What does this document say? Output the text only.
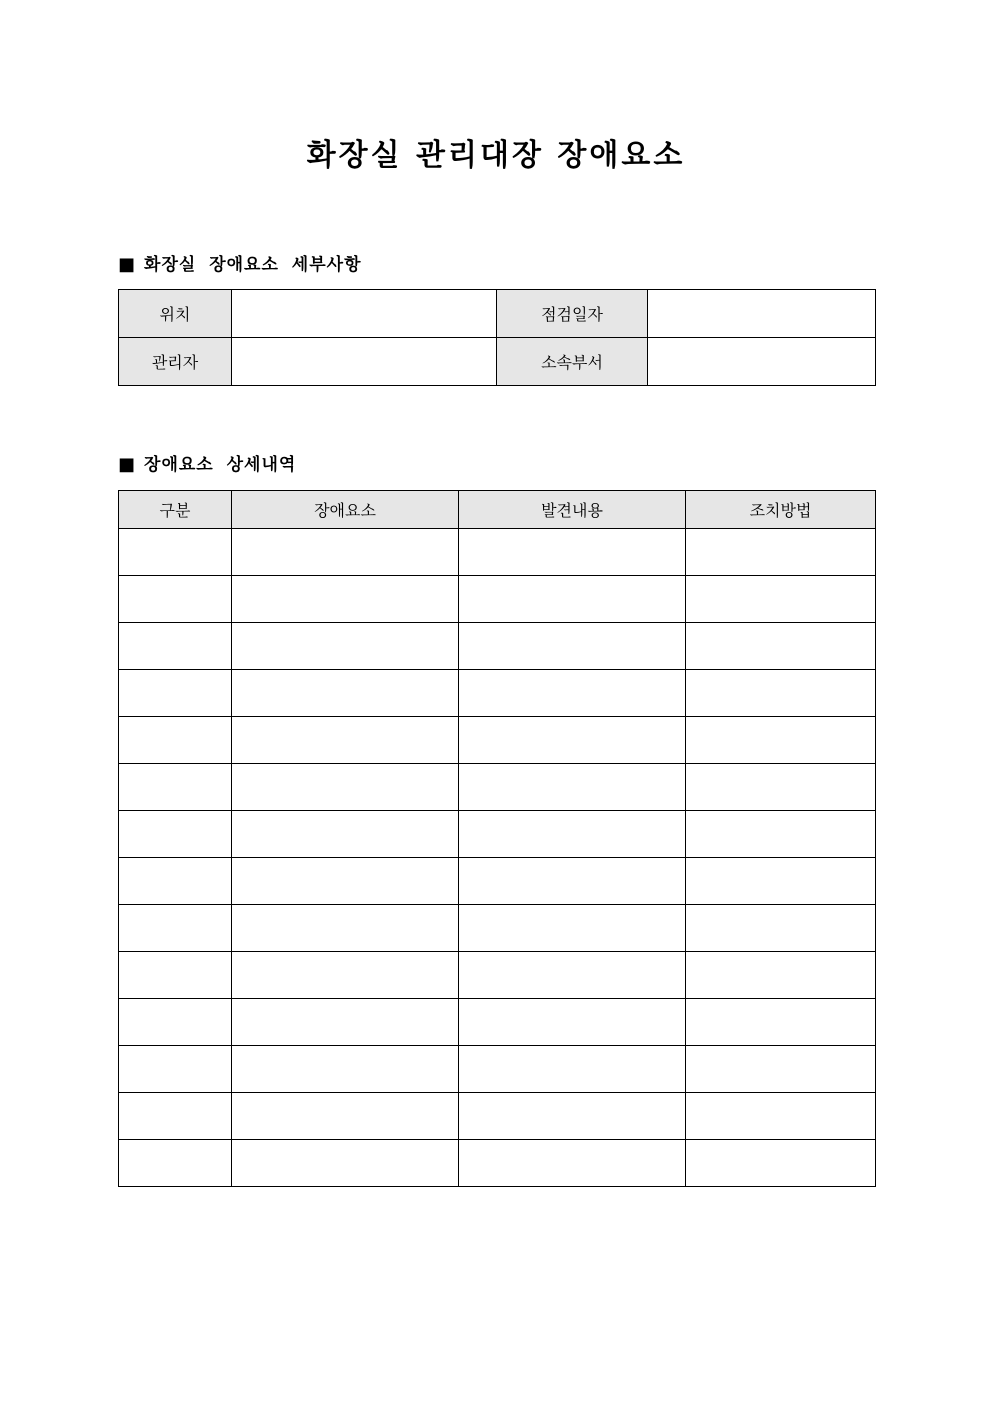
화장실 관리대장 장애요소
■ 화장실 장애요소 세부사항
위치		점검일자	
관리자		소속부서	
■ 장애요소 상세내역
구분	장애요소	발견내용	조치방법
